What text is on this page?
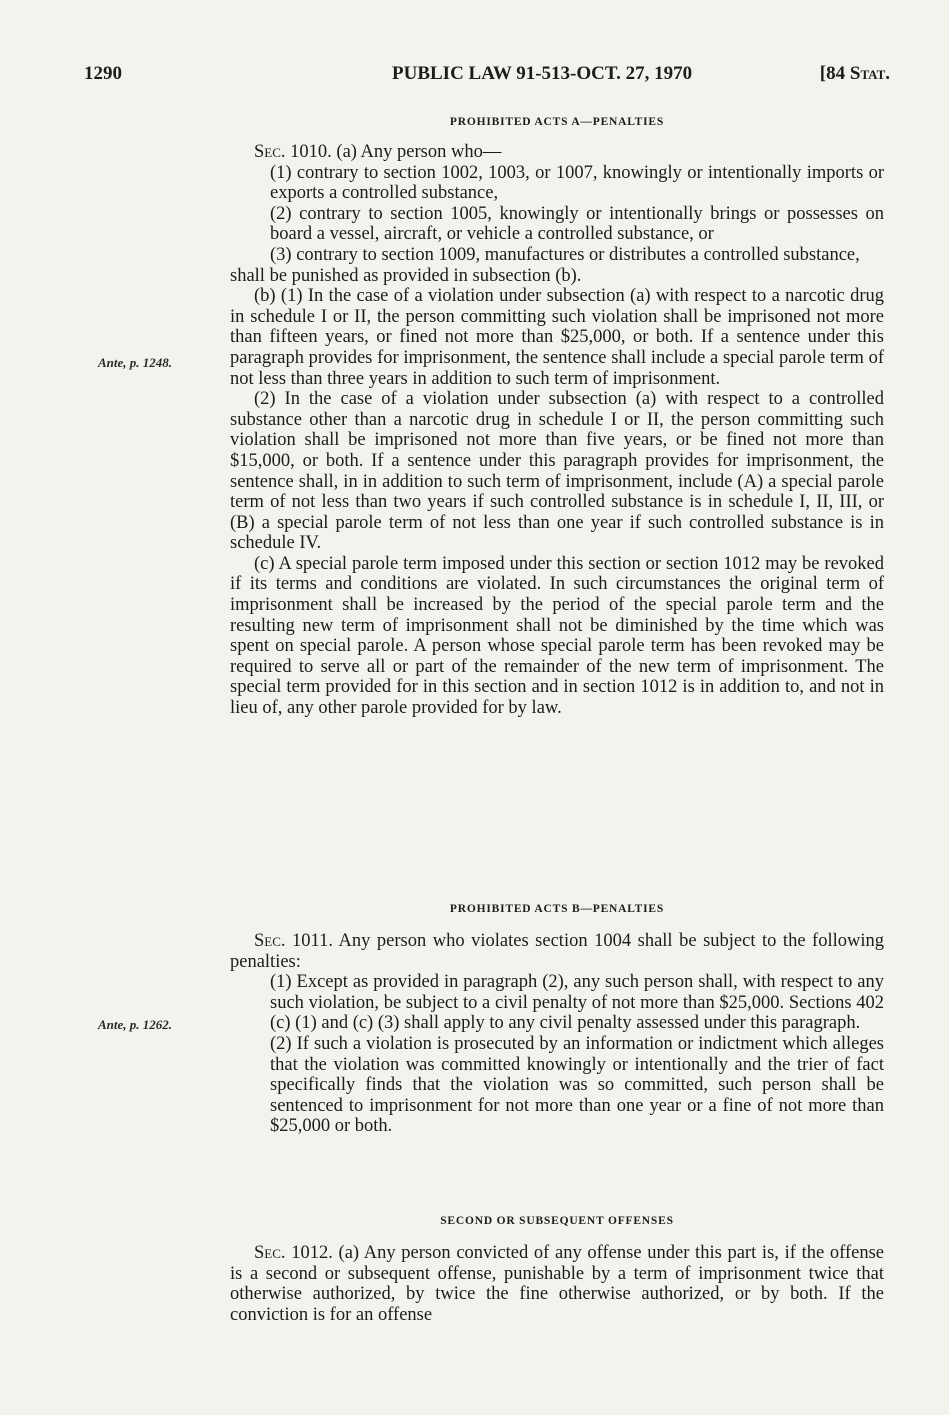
1290	PUBLIC LAW 91-513-OCT. 27, 1970	[84 Stat.
Ante, p. 1248.
Ante, p. 1262.

PROHIBITED ACTS A—PENALTIES

Sec. 1010. (a) Any person who—

(1) contrary to section 1002, 1003, or 1007, knowingly or intentionally imports or exports a controlled substance,

(2) contrary to section 1005, knowingly or intentionally brings or possesses on board a vessel, aircraft, or vehicle a controlled substance, or

(3) contrary to section 1009, manufactures or distributes a controlled substance,

shall be punished as provided in subsection (b).

(b) (1) In the case of a violation under subsection (a) with respect to a narcotic drug in schedule I or II, the person committing such violation shall be imprisoned not more than fifteen years, or fined not more than $25,000, or both. If a sentence under this paragraph provides for imprisonment, the sentence shall include a special parole term of not less than three years in addition to such term of imprisonment.

(2) In the case of a violation under subsection (a) with respect to a controlled substance other than a narcotic drug in schedule I or II, the person committing such violation shall be imprisoned not more than five years, or be fined not more than $15,000, or both. If a sentence under this paragraph provides for imprisonment, the sentence shall, in in addition to such term of imprisonment, include (A) a special parole term of not less than two years if such controlled substance is in schedule I, II, III, or (B) a special parole term of not less than one year if such controlled substance is in schedule IV.

(c) A special parole term imposed under this section or section 1012 may be revoked if its terms and conditions are violated. In such circumstances the original term of imprisonment shall be increased by the period of the special parole term and the resulting new term of imprisonment shall not be diminished by the time which was spent on special parole. A person whose special parole term has been revoked may be required to serve all or part of the remainder of the new term of imprisonment. The special term provided for in this section and in section 1012 is in addition to, and not in lieu of, any other parole provided for by law.

PROHIBITED ACTS B—PENALTIES

Sec. 1011. Any person who violates section 1004 shall be subject to the following penalties:

(1) Except as provided in paragraph (2), any such person shall, with respect to any such violation, be subject to a civil penalty of not more than $25,000. Sections 402 (c) (1) and (c) (3) shall apply to any civil penalty assessed under this paragraph.

(2) If such a violation is prosecuted by an information or indictment which alleges that the violation was committed knowingly or intentionally and the trier of fact specifically finds that the violation was so committed, such person shall be sentenced to imprisonment for not more than one year or a fine of not more than $25,000 or both.

SECOND OR SUBSEQUENT OFFENSES

Sec. 1012. (a) Any person convicted of any offense under this part is, if the offense is a second or subsequent offense, punishable by a term of imprisonment twice that otherwise authorized, by twice the fine otherwise authorized, or by both. If the conviction is for an offense
